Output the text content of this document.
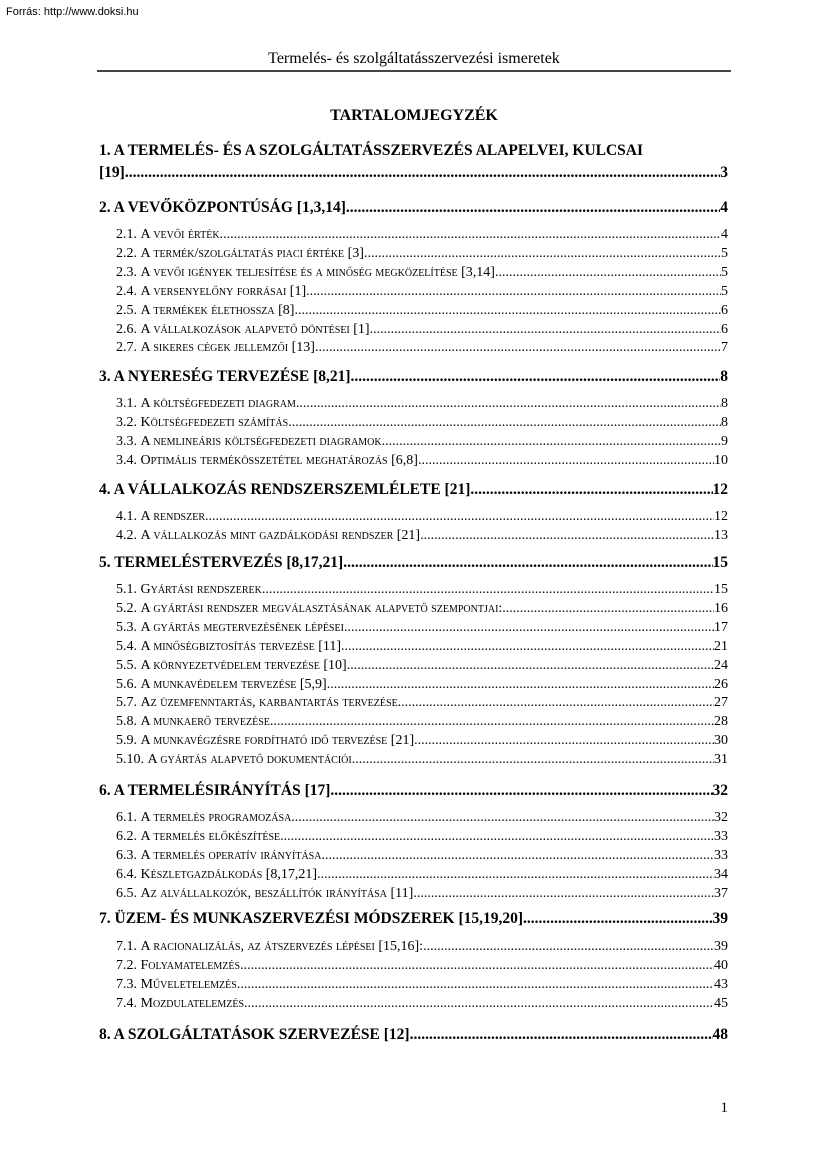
Forrás: http://www.doksi.hu
Termelés- és szolgáltatásszervezési ismeretek
TARTALOMJEGYZÉK
1. A TERMELÉS- ÉS A SZOLGÁLTATÁSSZERVEZÉS ALAPELVEI, KULCSAI
[19] .....	3
2. A VEVŐKÖZPONTÚSÁG [1,3,14] .....	4
2.1. A vevői érték .....	4
2.2. A termék/szolgáltatás piaci értéke [3] .....	5
2.3. A vevői igények teljesítése és a minőség megközelítése [3,14] .....	5
2.4. A versenyelőny forrásai [1] .....	5
2.5. A termékek élethossza [8] .....	6
2.6. A vállalkozások alapvető döntései [1] .....	6
2.7. A sikeres cégek jellemzői [13] .....	7
3. A NYERESÉG TERVEZÉSE [8,21] .....	8
3.1. A költségfedezeti diagram .....	8
3.2. Költségfedezeti számítás .....	8
3.3. A nemlineáris költségfedezeti diagramok .....	9
3.4. Optimális termékösszetétel meghatározás [6,8] .....	10
4. A VÁLLALKOZÁS RENDSZERSZEMLÉLETE [21] .....	12
4.1. A rendszer .....	12
4.2. A vállalkozás mint gazdálkodási rendszer [21] .....	13
5. TERMELÉSTERVEZÉS [8,17,21] .....	15
5.1. Gyártási rendszerek .....	15
5.2. A gyártási rendszer megválasztásának alapvető szempontjai: .....	16
5.3. A gyártás megtervezésének lépései .....	17
5.4. A minőségbiztosítás tervezése [11] .....	21
5.5. A környezetvédelem tervezése [10] .....	24
5.6. A munkavédelem tervezése [5,9] .....	26
5.7. Az üzemfenntartás, karbantartás tervezése .....	27
5.8. A munkaerő tervezése .....	28
5.9. A munkavégzésre fordítható idő tervezése [21] .....	30
5.10. A gyártás alapvető dokumentációi .....	31
6. A TERMELÉSIRÁNYÍTÁS [17] .....	32
6.1. A termelés programozása .....	32
6.2. A termelés előkészítése .....	33
6.3. A termelés operatív irányítása .....	33
6.4. Készletgazdálkodás [8,17,21] .....	34
6.5. Az alvállalkozók, beszállítók irányítása [11] .....	37
7. ÜZEM- ÉS MUNKASZERVEZÉSI MÓDSZEREK [15,19,20] .....	39
7.1. A racionalizálás, az átszervezés lépései [15,16]: .....	39
7.2. Folyamatelemzés .....	40
7.3. Műveletelemzés .....	43
7.4. Mozdulatelemzés .....	45
8. A SZOLGÁLTATÁSOK SZERVEZÉSE [12] .....	48
1
